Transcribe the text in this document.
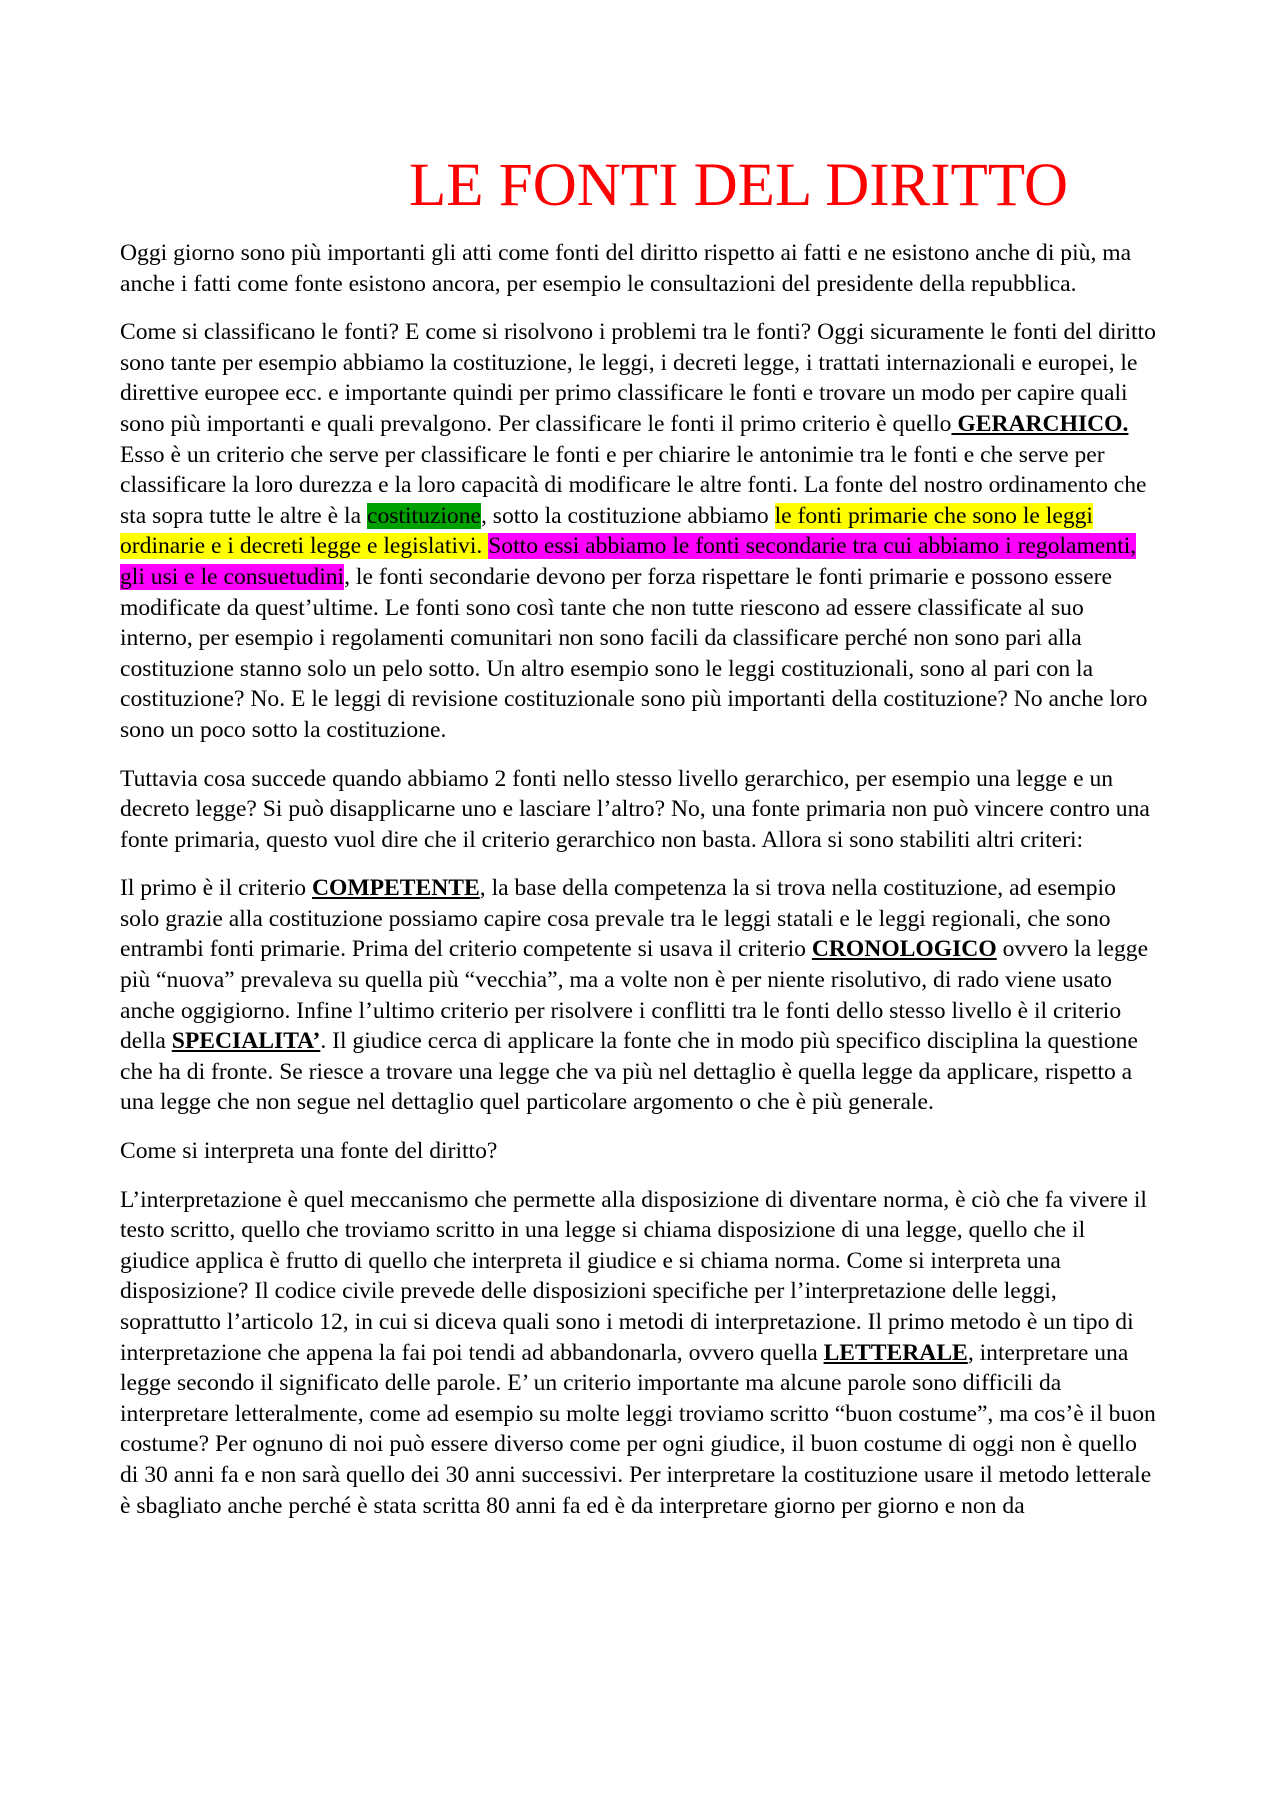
LE FONTI DEL DIRITTO

Oggi giorno sono più importanti gli atti come fonti del diritto rispetto ai fatti e ne esistono anche di più, ma anche i fatti come fonte esistono ancora, per esempio le consultazioni del presidente della repubblica.

Come si classificano le fonti? E come si risolvono i problemi tra le fonti? Oggi sicuramente le fonti del diritto sono tante per esempio abbiamo la costituzione, le leggi, i decreti legge, i trattati internazionali e europei, le direttive europee ecc. e importante quindi per primo classificare le fonti e trovare un modo per capire quali sono più importanti e quali prevalgono. Per classificare le fonti il primo criterio è quello GERARCHICO. Esso è un criterio che serve per classificare le fonti e per chiarire le antonimie tra le fonti e che serve per classificare la loro durezza e la loro capacità di modificare le altre fonti. La fonte del nostro ordinamento che sta sopra tutte le altre è la costituzione, sotto la costituzione abbiamo le fonti primarie che sono le leggi ordinarie e i decreti legge e legislativi. Sotto essi abbiamo le fonti secondarie tra cui abbiamo i regolamenti, gli usi e le consuetudini, le fonti secondarie devono per forza rispettare le fonti primarie e possono essere modificate da quest’ultime. Le fonti sono così tante che non tutte riescono ad essere classificate al suo interno, per esempio i regolamenti comunitari non sono facili da classificare perché non sono pari alla costituzione stanno solo un pelo sotto. Un altro esempio sono le leggi costituzionali, sono al pari con la costituzione? No. E le leggi di revisione costituzionale sono più importanti della costituzione? No anche loro sono un poco sotto la costituzione.

Tuttavia cosa succede quando abbiamo 2 fonti nello stesso livello gerarchico, per esempio una legge e un decreto legge? Si può disapplicarne uno e lasciare l’altro? No, una fonte primaria non può vincere contro una fonte primaria, questo vuol dire che il criterio gerarchico non basta. Allora si sono stabiliti altri criteri:

Il primo è il criterio COMPETENTE, la base della competenza la si trova nella costituzione, ad esempio solo grazie alla costituzione possiamo capire cosa prevale tra le leggi statali e le leggi regionali, che sono entrambi fonti primarie. Prima del criterio competente si usava il criterio CRONOLOGICO ovvero la legge più “nuova” prevaleva su quella più “vecchia”, ma a volte non è per niente risolutivo, di rado viene usato anche oggigiorno. Infine l’ultimo criterio per risolvere i conflitti tra le fonti dello stesso livello è il criterio della SPECIALITA’. Il giudice cerca di applicare la fonte che in modo più specifico disciplina la questione che ha di fronte. Se riesce a trovare una legge che va più nel dettaglio è quella legge da applicare, rispetto a una legge che non segue nel dettaglio quel particolare argomento o che è più generale.

Come si interpreta una fonte del diritto?

L’interpretazione è quel meccanismo che permette alla disposizione di diventare norma, è ciò che fa vivere il testo scritto, quello che troviamo scritto in una legge si chiama disposizione di una legge, quello che il giudice applica è frutto di quello che interpreta il giudice e si chiama norma. Come si interpreta una disposizione? Il codice civile prevede delle disposizioni specifiche per l’interpretazione delle leggi, soprattutto l’articolo 12, in cui si diceva quali sono i metodi di interpretazione. Il primo metodo è un tipo di interpretazione che appena la fai poi tendi ad abbandonarla, ovvero quella LETTERALE, interpretare una legge secondo il significato delle parole. E’ un criterio importante ma alcune parole sono difficili da interpretare letteralmente, come ad esempio su molte leggi troviamo scritto “buon costume”, ma cos’è il buon costume? Per ognuno di noi può essere diverso come per ogni giudice, il buon costume di oggi non è quello di 30 anni fa e non sarà quello dei 30 anni successivi. Per interpretare la costituzione usare il metodo letterale è sbagliato anche perché è stata scritta 80 anni fa ed è da interpretare giorno per giorno e non da
